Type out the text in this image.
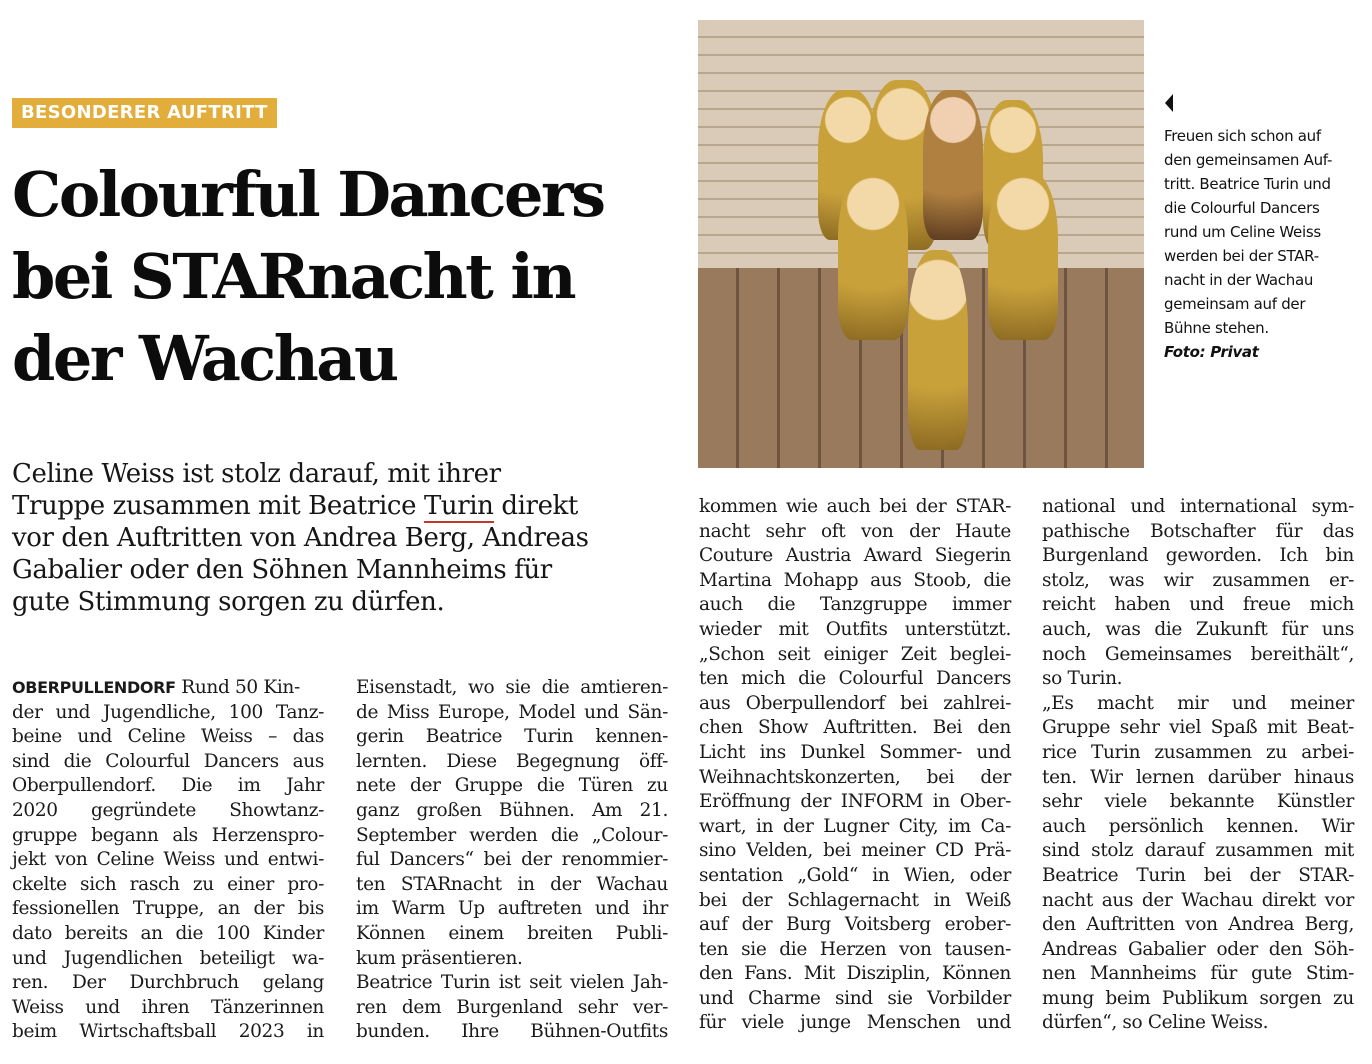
BESONDERER AUFTRITT
Colourful Dancers
bei STARnacht in
der Wachau

Celine Weiss ist stolz darauf, mit ihrer
Truppe zusammen mit Beatrice Turin direkt
vor den Auftritten von Andrea Berg, Andreas
Gabalier oder den Söhnen Mannheims für
gute Stimmung sorgen zu dürfen.

Freuen sich schon auf
den gemeinsamen Auf-
tritt. Beatrice Turin und
die Colourful Dancers
rund um Celine Weiss
werden bei der STAR-
nacht in der Wachau
gemeinsam auf der
Bühne stehen.
Foto: Privat
OBERPULLENDORF Rund 50 Kin-
der und Jugendliche, 100 Tanz-
beine und Celine Weiss – das
sind die Colourful Dancers aus
Oberpullendorf. Die im Jahr
2020 gegründete Showtanz-
gruppe begann als Herzenspro-
jekt von Celine Weiss und entwi-
ckelte sich rasch zu einer pro-
fessionellen Truppe, an der bis
dato bereits an die 100 Kinder
und Jugendlichen beteiligt wa-
ren. Der Durchbruch gelang
Weiss und ihren Tänzerinnen
beim Wirtschaftsball 2023 in
Eisenstadt, wo sie die amtieren-
de Miss Europe, Model und Sän-
gerin Beatrice Turin kennen-
lernten. Diese Begegnung öff-
nete der Gruppe die Türen zu
ganz großen Bühnen. Am 21.
September werden die „Colour-
ful Dancers“ bei der renommier-
ten STARnacht in der Wachau
im Warm Up auftreten und ihr
Können einem breiten Publi-
kum präsentieren.
Beatrice Turin ist seit vielen Jah-
ren dem Burgenland sehr ver-
bunden. Ihre Bühnen-Outfits
kommen wie auch bei der STAR-
nacht sehr oft von der Haute
Couture Austria Award Siegerin
Martina Mohapp aus Stoob, die
auch die Tanzgruppe immer
wieder mit Outfits unterstützt.
„Schon seit einiger Zeit beglei-
ten mich die Colourful Dancers
aus Oberpullendorf bei zahlrei-
chen Show Auftritten. Bei den
Licht ins Dunkel Sommer- und
Weihnachtskonzerten, bei der
Eröffnung der INFORM in Ober-
wart, in der Lugner City, im Ca-
sino Velden, bei meiner CD Prä-
sentation „Gold“ in Wien, oder
bei der Schlagernacht in Weiß
auf der Burg Voitsberg erober-
ten sie die Herzen von tausen-
den Fans. Mit Disziplin, Können
und Charme sind sie Vorbilder
für viele junge Menschen und
national und international sym-
pathische Botschafter für das
Burgenland geworden. Ich bin
stolz, was wir zusammen er-
reicht haben und freue mich
auch, was die Zukunft für uns
noch Gemeinsames bereithält“,
so Turin.
„Es macht mir und meiner
Gruppe sehr viel Spaß mit Beat-
rice Turin zusammen zu arbei-
ten. Wir lernen darüber hinaus
sehr viele bekannte Künstler
auch persönlich kennen. Wir
sind stolz darauf zusammen mit
Beatrice Turin bei der STAR-
nacht aus der Wachau direkt vor
den Auftritten von Andrea Berg,
Andreas Gabalier oder den Söh-
nen Mannheims für gute Stim-
mung beim Publikum sorgen zu
dürfen“, so Celine Weiss.
